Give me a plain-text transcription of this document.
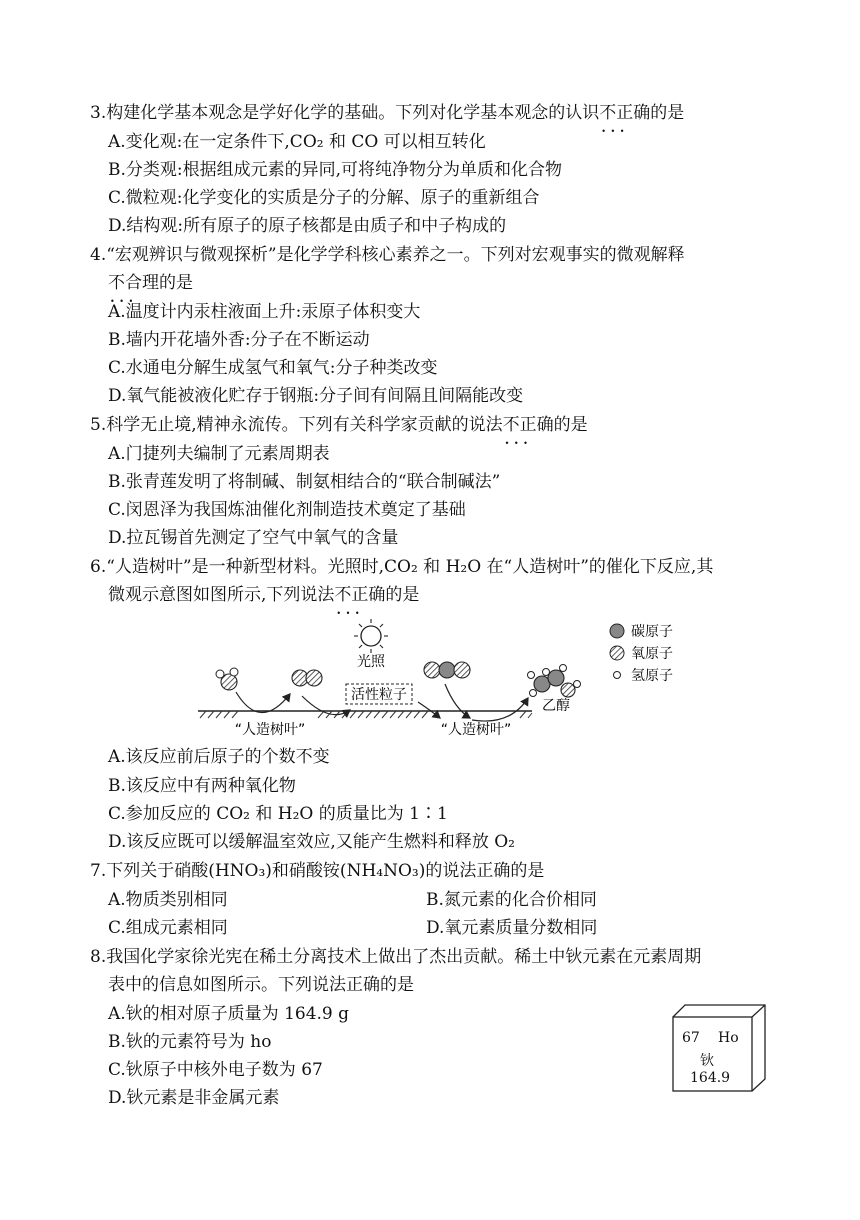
3.构建化学基本观念是学好化学的基础。下列对化学基本观念的认识不正确 • • •的是
A.变化观:在一定条件下,CO₂ 和 CO 可以相互转化
B.分类观:根据组成元素的异同,可将纯净物分为单质和化合物
C.微粒观:化学变化的实质是分子的分解、原子的重新组合
D.结构观:所有原子的原子核都是由质子和中子构成的
4.“宏观辨识与微观探析”是化学学科核心素养之一。下列对宏观事实的微观解释
不合理 • • •的是
A.温度计内汞柱液面上升:汞原子体积变大
B.墙内开花墙外香:分子在不断运动
C.水通电分解生成氢气和氧气:分子种类改变
D.氧气能被液化贮存于钢瓶:分子间有间隔且间隔能改变
5.科学无止境,精神永流传。下列有关科学家贡献的说法不正确 • • •的是
A.门捷列夫编制了元素周期表
B.张青莲发明了将制碱、制氨相结合的“联合制碱法”
C.闵恩泽为我国炼油催化剂制造技术奠定了基础
D.拉瓦锡首先测定了空气中氧气的含量
6.“人造树叶”是一种新型材料。光照时,CO₂ 和 H₂O 在“人造树叶”的催化下反应,其
微观示意图如图所示,下列说法不正确 • • •的是
活性粒子
光照
乙醇
“人造树叶”	“人造树叶”
碳原子
氧原子
氢原子
A.该反应前后原子的个数不变
B.该反应中有两种氧化物
C.参加反应的 CO₂ 和 H₂O 的质量比为 1∶1
D.该反应既可以缓解温室效应,又能产生燃料和释放 O₂
7.下列关于硝酸(HNO₃)和硝酸铵(NH₄NO₃)的说法正确的是
A.物质类别相同	B.氮元素的化合价相同
C.组成元素相同	D.氧元素质量分数相同
8.我国化学家徐光宪在稀土分离技术上做出了杰出贡献。稀土中钬元素在元素周期
表中的信息如图所示。下列说法正确的是
A.钬的相对原子质量为 164.9 g
B.钬的元素符号为 ho
C.钬原子中核外电子数为 67
D.钬元素是非金属元素
67 Ho
钬
164.9
